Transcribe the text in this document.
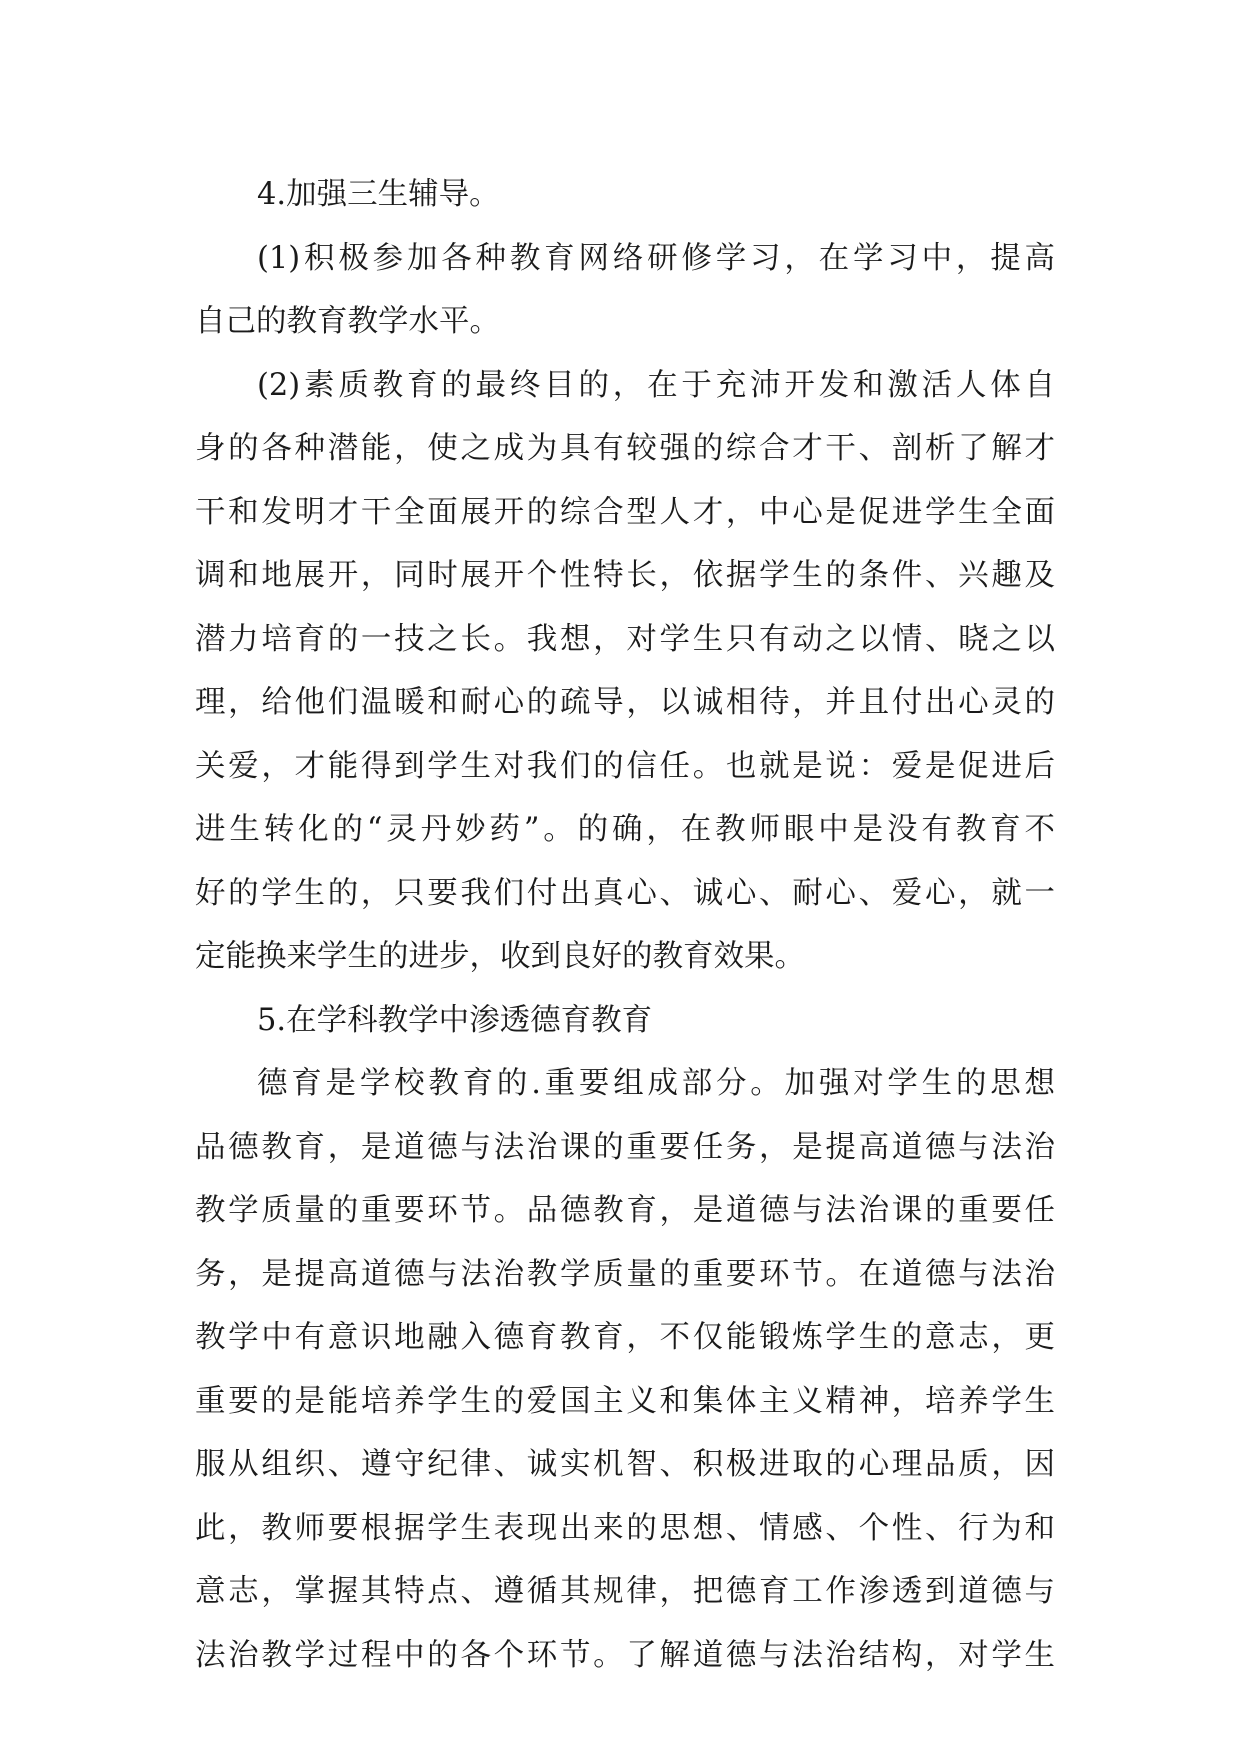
4.加强三生辅导。
(1)积极参加各种教育网络研修学习，在学习中，提高
自己的教育教学水平。
(2)素质教育的最终目的，在于充沛开发和激活人体自
身的各种潜能，使之成为具有较强的综合才干、剖析了解才
干和发明才干全面展开的综合型人才，中心是促进学生全面
调和地展开，同时展开个性特长，依据学生的条件、兴趣及
潜力培育的一技之长。我想，对学生只有动之以情、晓之以
理，给他们温暖和耐心的疏导，以诚相待，并且付出心灵的
关爱，才能得到学生对我们的信任。也就是说：爱是促进后
进生转化的“灵丹妙药”。的确，在教师眼中是没有教育不
好的学生的，只要我们付出真心、诚心、耐心、爱心，就一
定能换来学生的进步，收到良好的教育效果。
5.在学科教学中渗透德育教育
德育是学校教育的.重要组成部分。加强对学生的思想
品德教育，是道德与法治课的重要任务，是提高道德与法治
教学质量的重要环节。品德教育，是道德与法治课的重要任
务，是提高道德与法治教学质量的重要环节。在道德与法治
教学中有意识地融入德育教育，不仅能锻炼学生的意志，更
重要的是能培养学生的爱国主义和集体主义精神，培养学生
服从组织、遵守纪律、诚实机智、积极进取的心理品质，因
此，教师要根据学生表现出来的思想、情感、个性、行为和
意志，掌握其特点、遵循其规律，把德育工作渗透到道德与
法治教学过程中的各个环节。了解道德与法治结构，对学生
